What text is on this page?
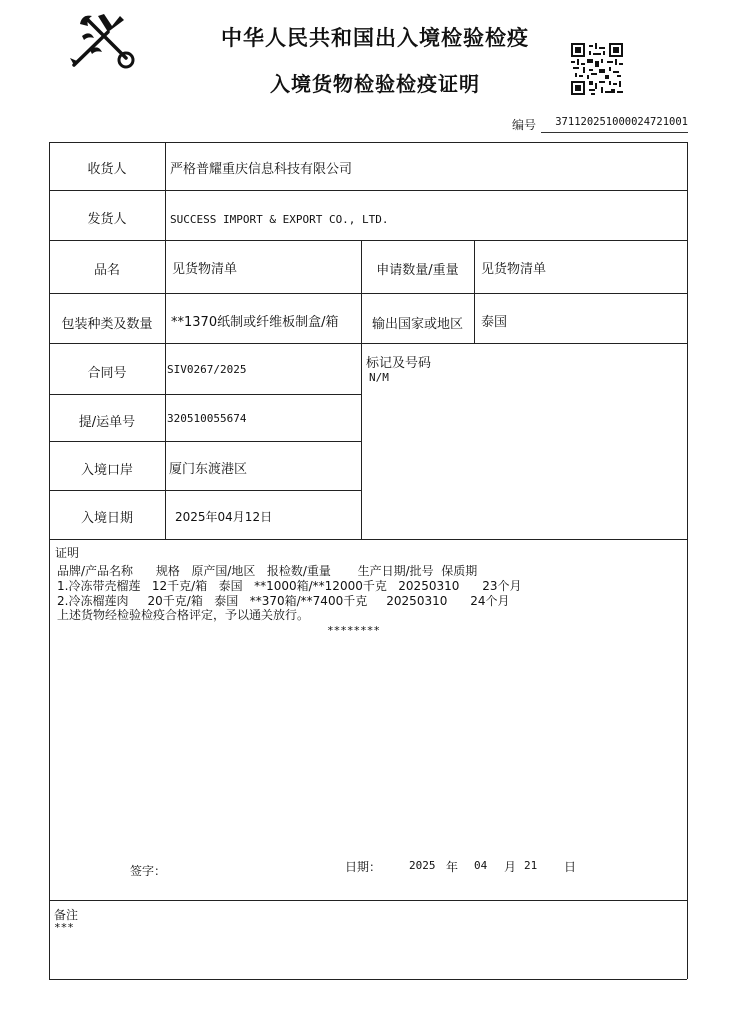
中华人民共和国出入境检验检疫
入境货物检验检疫证明
编号	371120251000024721001
收货人	严格普耀重庆信息科技有限公司
发货人	SUCCESS IMPORT & EXPORT CO., LTD.
品名	见货物清单	申请数量/重量	见货物清单
包装种类及数量	**1370纸制或纤维板制盒/箱	输出国家或地区	泰国
合同号	SIV0267/2025	标记及号码
N/M
提/运单号	320510055674
入境口岸	厦门东渡港区
入境日期	2025年04月12日
证明
品牌/产品名称      规格   原产国/地区   报检数/重量       生产日期/批号  保质期
1.冷冻带壳榴莲   12千克/箱   泰国   **1000箱/**12000千克   20250310      23个月
2.冷冻榴莲肉     20千克/箱   泰国   **370箱/**7400千克     20250310      24个月
上述货物经检验检疫合格评定，予以通关放行。
********
签字：	日期：	2025 年 04 月 21 日
备注
***
